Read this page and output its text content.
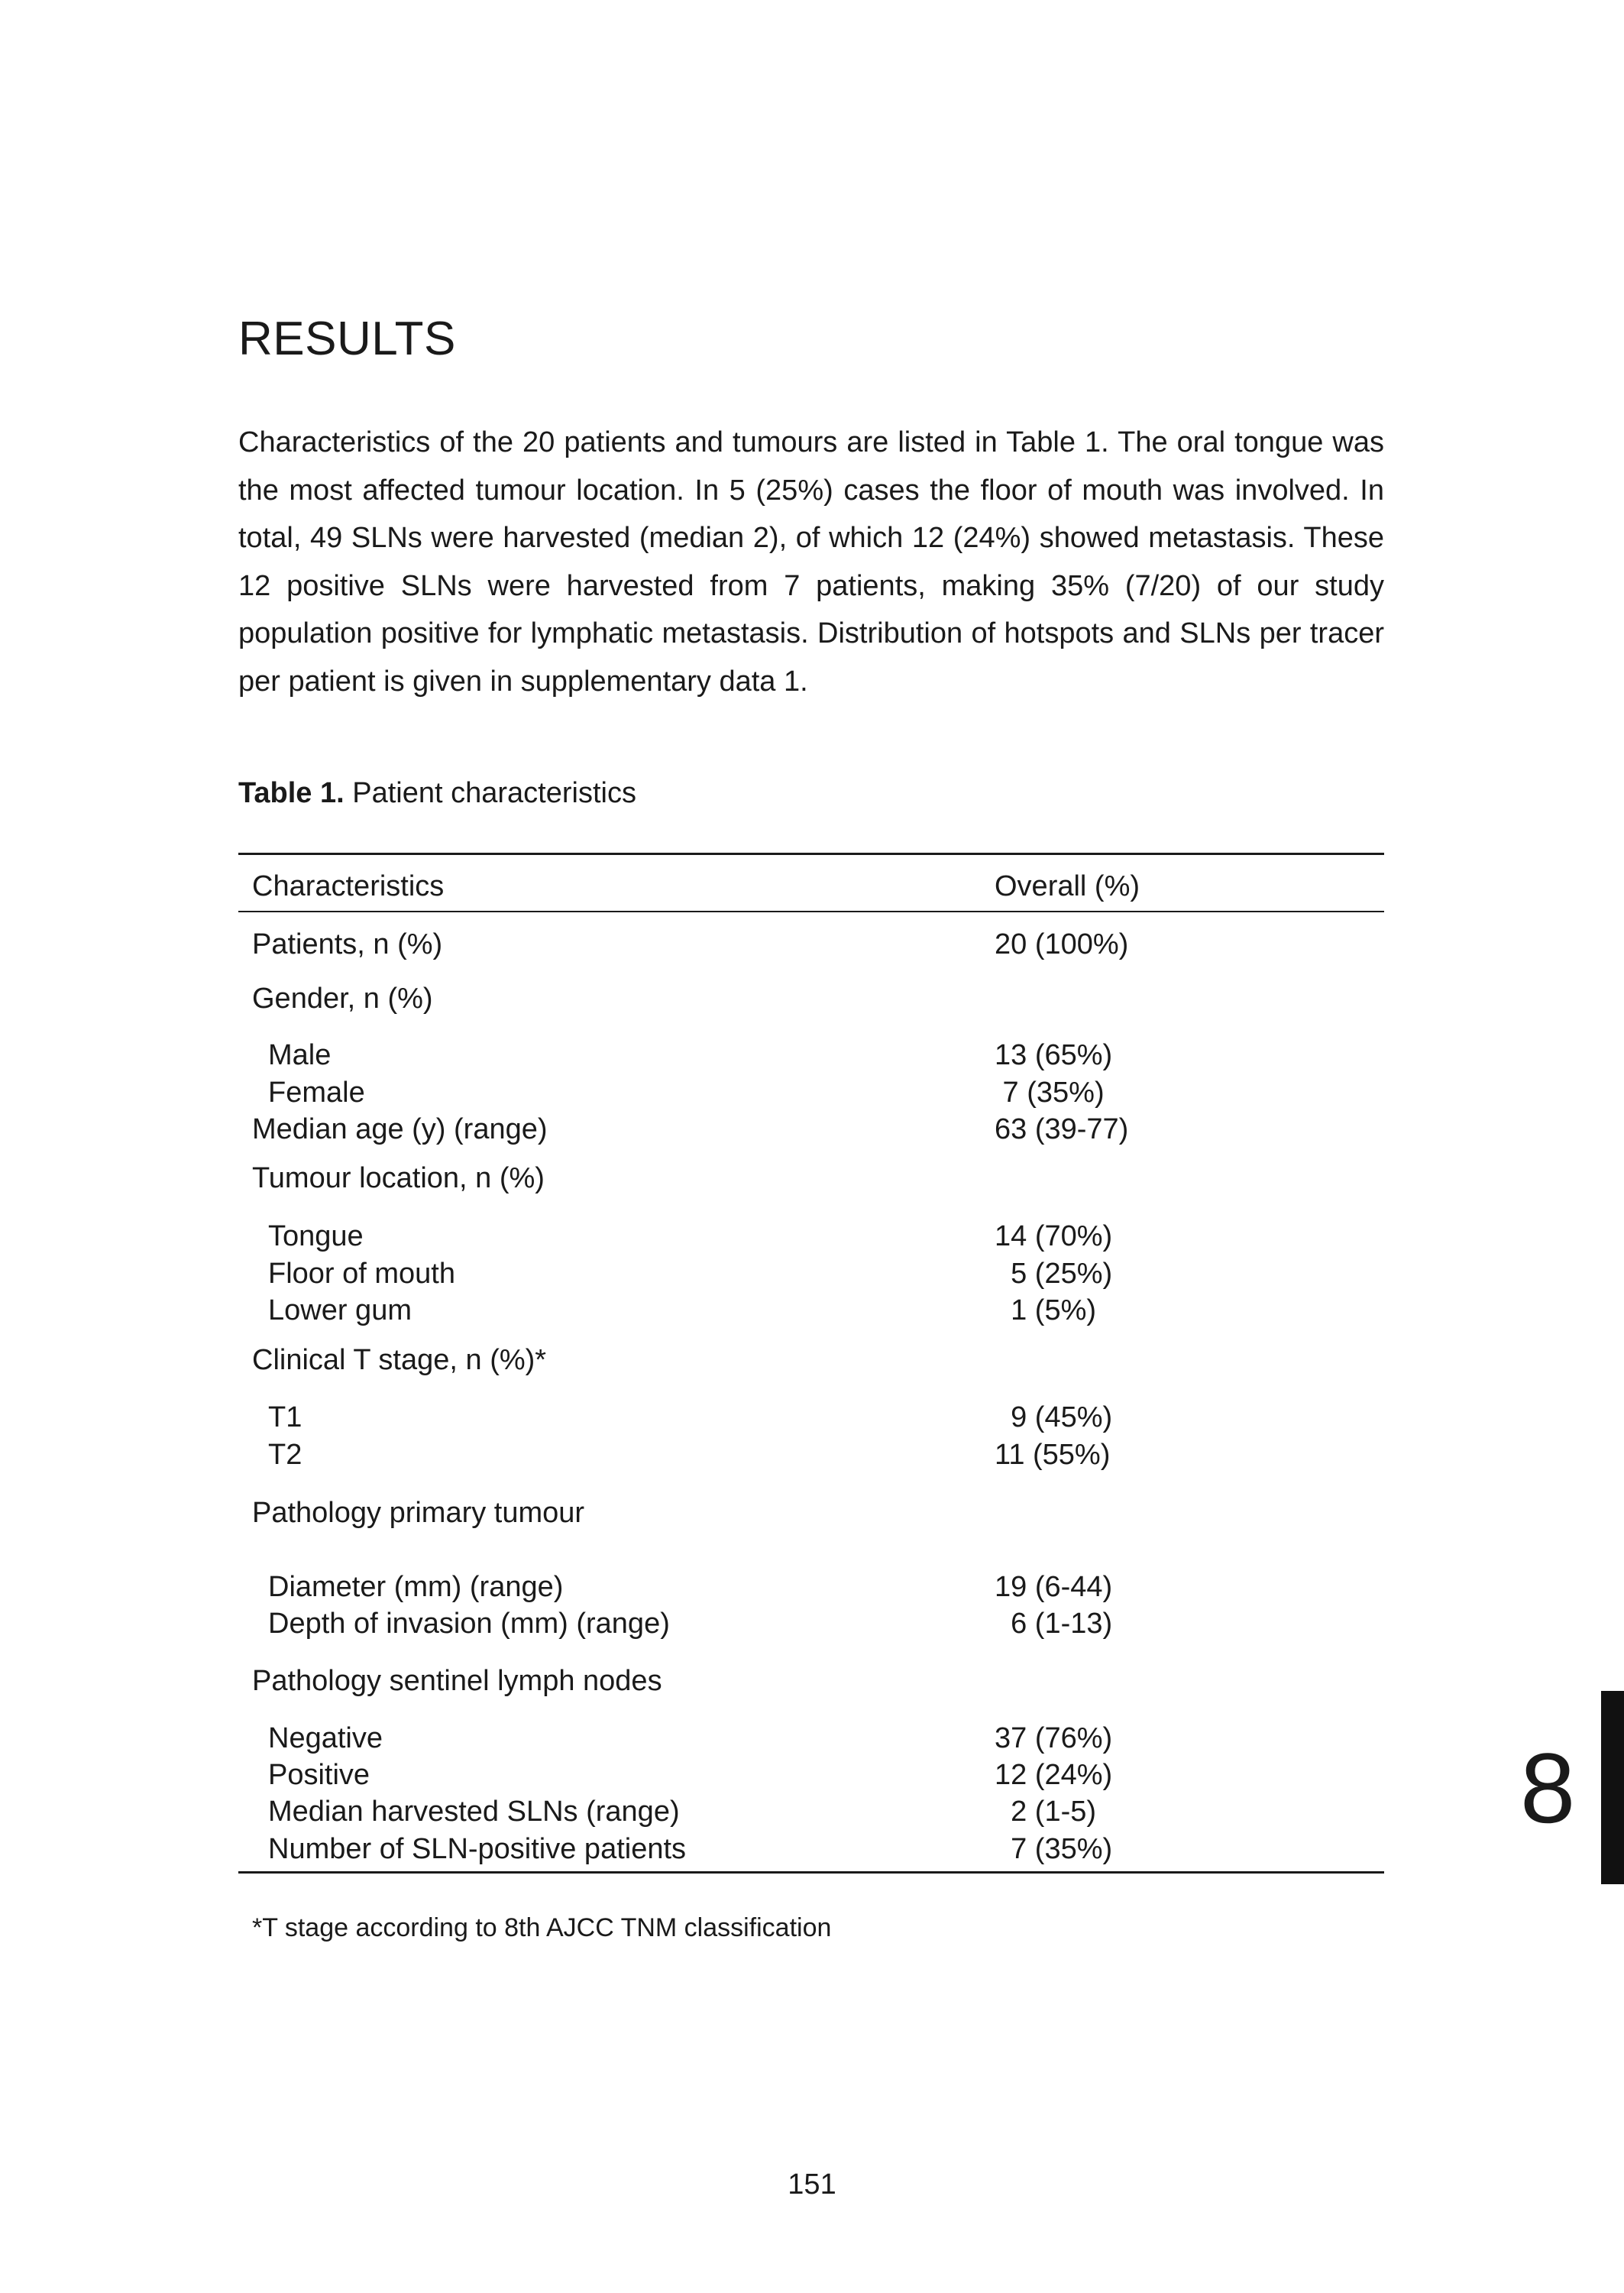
RESULTS

Characteristics of the 20 patients and tumours are listed in Table 1. The oral tongue was the most affected tumour location. In 5 (25%) cases the floor of mouth was involved. In total, 49 SLNs were harvested (median 2), of which 12 (24%) showed metastasis. These 12 positive SLNs were harvested from 7 patients, making 35% (7/20) of our study population positive for lymphatic metastasis. Distribution of hotspots and SLNs per tracer per patient is given in supplementary data 1.

Table 1. Patient characteristics

Characteristics	Overall (%)
Patients, n (%)	20 (100%)
Gender, n (%)
Male	13 (65%)
Female	7 (35%)
Median age (y) (range)	63 (39-77)
Tumour location, n (%)
Tongue	14 (70%)
Floor of mouth	5 (25%)
Lower gum	1 (5%)
Clinical T stage, n (%)*
T1	9 (45%)
T2	11 (55%)
Pathology primary tumour
Diameter (mm) (range)	19 (6-44)
Depth of invasion (mm) (range)	6 (1-13)
Pathology sentinel lymph nodes
Negative	37 (76%)
Positive	12 (24%)
Median harvested SLNs (range)	2 (1-5)
Number of SLN-positive patients	7 (35%)
*T stage according to 8th AJCC TNM classification
151
8
